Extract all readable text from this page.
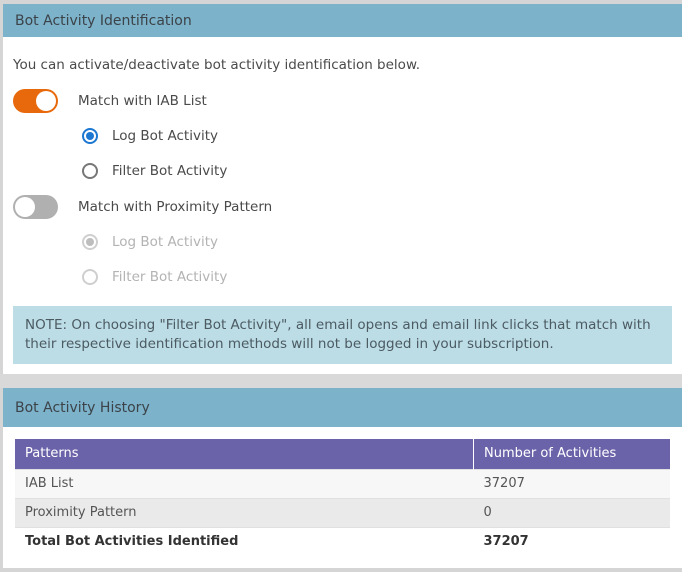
Bot Activity Identification
You can activate/deactivate bot activity identification below.
Match with IAB List
Log Bot Activity
Filter Bot Activity
Match with Proximity Pattern
Log Bot Activity
Filter Bot Activity
NOTE: On choosing "Filter Bot Activity", all email opens and email link clicks that match with their respective identification methods will not be logged in your subscription.
Bot Activity History
Patterns	Number of Activities
IAB List	37207
Proximity Pattern	0
Total Bot Activities Identified	37207
